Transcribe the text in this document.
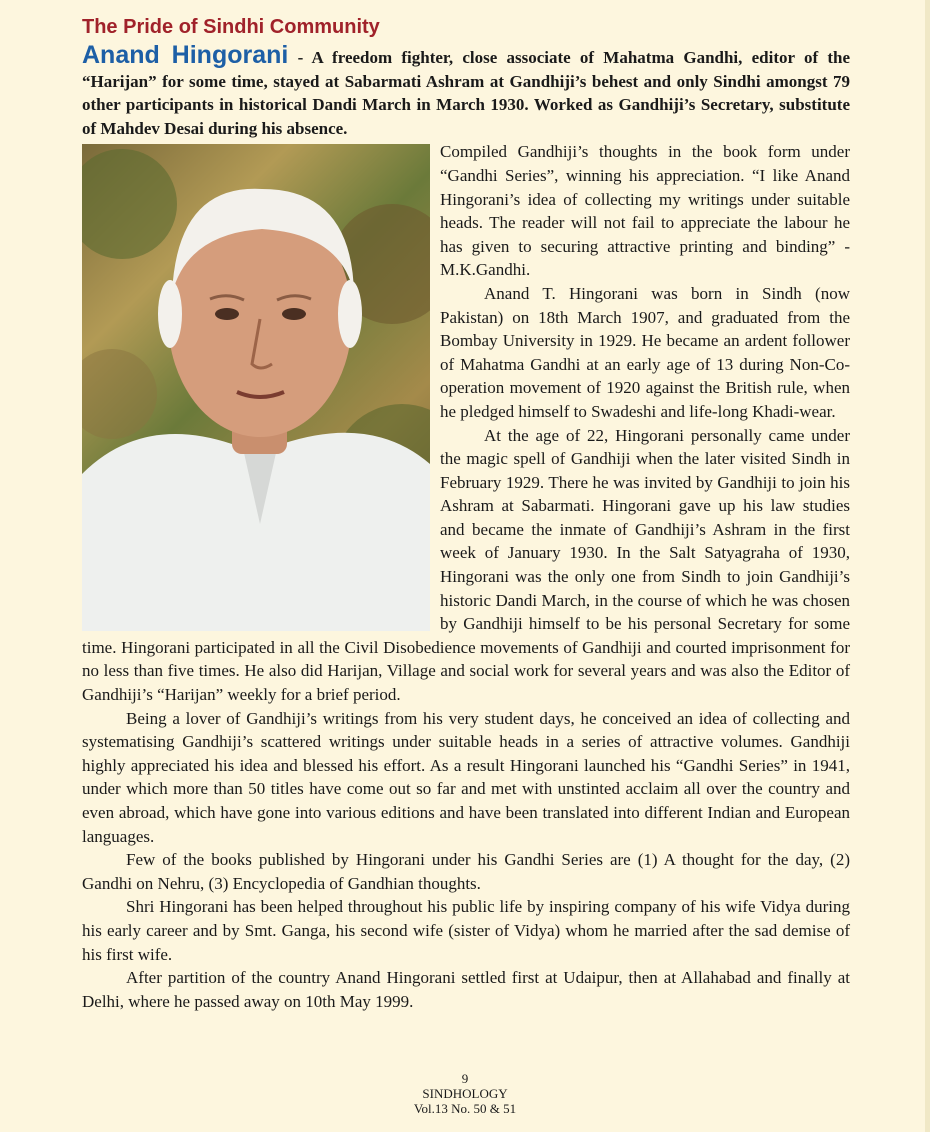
The Pride of Sindhi Community

Anand Hingorani - A freedom fighter, close associate of Mahatma Gandhi, editor of the “Harijan” for some time, stayed at Sabarmati Ashram at Gandhiji’s behest and only Sindhi amongst 79 other participants in historical Dandi March in March 1930. Worked as Gandhiji’s Secretary, substitute of Mahdev Desai during his absence.

Compiled Gandhiji’s thoughts in the book form under “Gandhi Series”, winning his appreciation. “I like Anand Hingorani’s idea of collecting my writings under suitable heads. The reader will not fail to appreciate the labour he has given to securing attractive printing and binding” - M.K.Gandhi.

Anand T. Hingorani was born in Sindh (now Pakistan) on 18th March 1907, and graduated from the Bombay University in 1929. He became an ardent follower of Mahatma Gandhi at an early age of 13 during Non-Co-operation movement of 1920 against the British rule, when he pledged himself to Swadeshi and life-long Khadi-wear.

At the age of 22, Hingorani personally came under the magic spell of Gandhiji when the later visited Sindh in February 1929. There he was invited by Gandhiji to join his Ashram at Sabarmati. Hingorani gave up his law studies and became the inmate of Gandhiji’s Ashram in the first week of January 1930. In the Salt Satyagraha of 1930, Hingorani was the only one from Sindh to join Gandhiji’s historic Dandi March, in the course of which he was chosen by Gandhiji himself to be his personal Secretary for some time. Hingorani participated in all the Civil Disobedience movements of Gandhiji and courted imprisonment for no less than five times. He also did Harijan, Village and social work for several years and was also the Editor of Gandhiji’s “Harijan” weekly for a brief period.

Being a lover of Gandhiji’s writings from his very student days, he conceived an idea of collecting and systematising Gandhiji’s scattered writings under suitable heads in a series of attractive volumes. Gandhiji highly appreciated his idea and blessed his effort. As a result Hingorani launched his “Gandhi Series” in 1941, under which more than 50 titles have come out so far and met with unstinted acclaim all over the country and even abroad, which have gone into various editions and have been translated into different Indian and European languages.

Few of the books published by Hingorani under his Gandhi Series are (1) A thought for the day, (2) Gandhi on Nehru, (3) Encyclopedia of Gandhian thoughts.

Shri Hingorani has been helped throughout his public life by inspiring company of his wife Vidya during his early career and by Smt. Ganga, his second wife (sister of Vidya) whom he married after the sad demise of his first wife.

After partition of the country Anand Hingorani settled first at Udaipur, then at Allahabad and finally at Delhi, where he passed away on 10th May 1999.

9
SINDHOLOGY
Vol.13 No. 50 & 51
